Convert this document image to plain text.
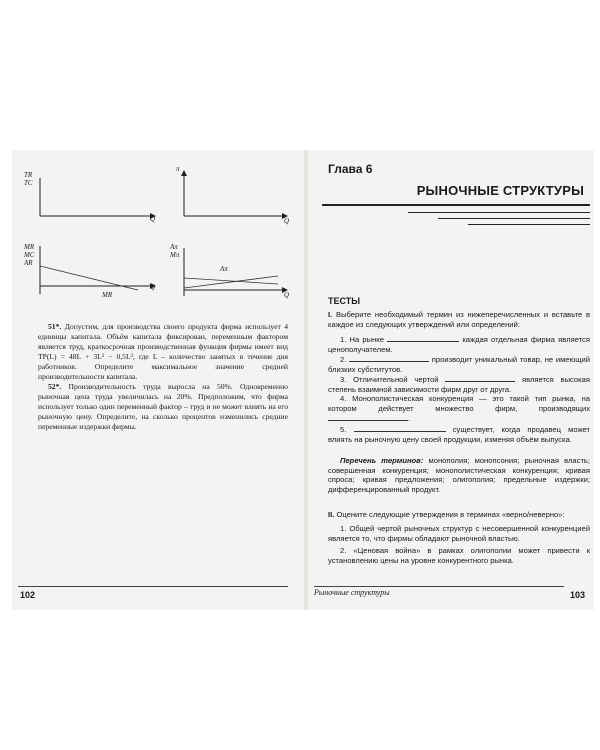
TR
TC
Q
π
Q
MR
MC
AR
MR
Q
Aπ
Mπ
Aπ
Q
51*. Допустим, для производства своего продукта фирма использует 4 единицы капитала. Объём капитала фиксирован, переменным фактором является труд, краткосрочная производственная функция фирмы имеет вид TP(L) = 48L + 3L² − 0,5L³, где L – количество занятых в течение дня работников. Определите максимальное значение средней производительности капитала.
52*. Производительность труда выросла на 50%. Одновременно рыночная цена труда увеличилась на 20%. Предположим, что фирма использует только один переменный фактор – труд и не может влиять на его рыночную цену. Определите, на сколько процентов изменились средние переменные издержки фирмы.
102
Глава 6
РЫНОЧНЫЕ СТРУКТУРЫ
ТЕСТЫ
I. Выберите необходимый термин из нижеперечисленных и вставьте в каждое из следующих утверждений или определений:
1. На рынке	каждая отдельная фирма является ценополучателем.
2.	производит уникальный товар, не имеющий близких субститутов.
3. Отличительной чертой	является высокая степень взаимной зависимости фирм друг от друга.
4. Монополистическая конкуренция — это такой тип рынка, на котором действует множество фирм, производящих .
5.	существует, когда продавец может влиять на рыночную цену своей продукции, изменяя объём выпуска.
Перечень терминов: монополия; монопсония; рыночная власть; совершенная конкуренция; монополистическая конкуренция; кривая спроса; кривая предложения; олигополия; предельные издержки; дифференцированный продукт.
II. Оцените следующие утверждения в терминах «верно/неверно»:
1. Общей чертой рыночных структур с несовершенной конкуренцией является то, что фирмы обладают рыночной властью.
2. «Ценовая война» в рамках олигополии может привести к установлению цены на уровне конкурентного рынка.
Рыночные структуры	103
